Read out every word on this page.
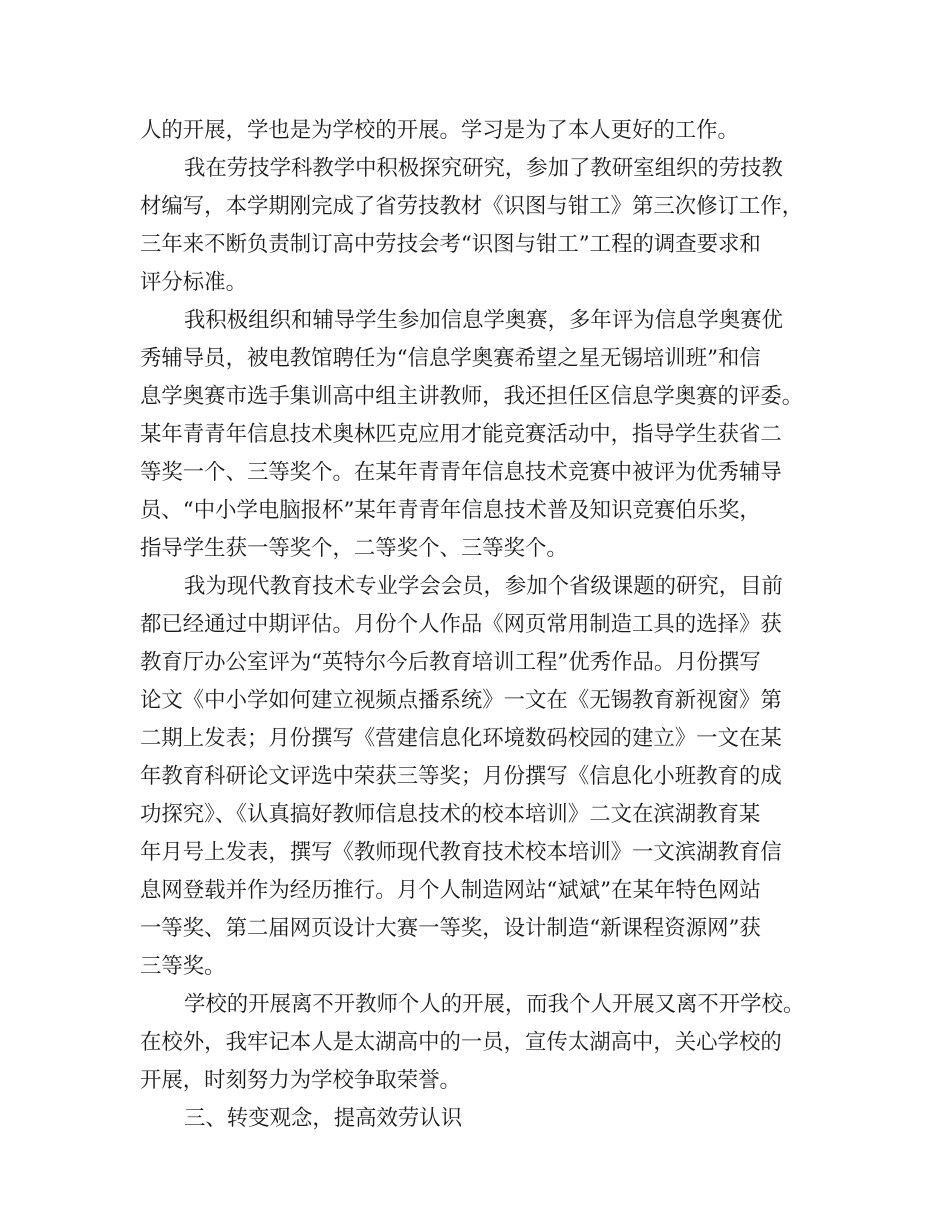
人的开展，学也是为学校的开展。学习是为了本人更好的工作。
我在劳技学科教学中积极探究研究，参加了教研室组织的劳技教
材编写，本学期刚完成了省劳技教材《识图与钳工》第三次修订工作，
三年来不断负责制订高中劳技会考“识图与钳工”工程的调查要求和
评分标准。
我积极组织和辅导学生参加信息学奥赛，多年评为信息学奥赛优
秀辅导员，被电教馆聘任为“信息学奥赛希望之星无锡培训班”和信
息学奥赛市选手集训高中组主讲教师，我还担任区信息学奥赛的评委。
某年青青年信息技术奥林匹克应用才能竞赛活动中，指导学生获省二
等奖一个、三等奖个。在某年青青年信息技术竞赛中被评为优秀辅导
员、“中小学电脑报杯”某年青青年信息技术普及知识竞赛伯乐奖，
指导学生获一等奖个，二等奖个、三等奖个。
我为现代教育技术专业学会会员，参加个省级课题的研究，目前
都已经通过中期评估。月份个人作品《网页常用制造工具的选择》获
教育厅办公室评为“英特尔今后教育培训工程”优秀作品。月份撰写
论文《中小学如何建立视频点播系统》一文在《无锡教育新视窗》第
二期上发表；月份撰写《营建信息化环境数码校园的建立》一文在某
年教育科研论文评选中荣获三等奖；月份撰写《信息化小班教育的成
功探究》、《认真搞好教师信息技术的校本培训》二文在滨湖教育某
年月号上发表，撰写《教师现代教育技术校本培训》一文滨湖教育信
息网登载并作为经历推行。月个人制造网站“斌斌”在某年特色网站
一等奖、第二届网页设计大赛一等奖，设计制造“新课程资源网”获
三等奖。
学校的开展离不开教师个人的开展，而我个人开展又离不开学校。
在校外，我牢记本人是太湖高中的一员，宣传太湖高中，关心学校的
开展，时刻努力为学校争取荣誉。
三、转变观念，提高效劳认识
